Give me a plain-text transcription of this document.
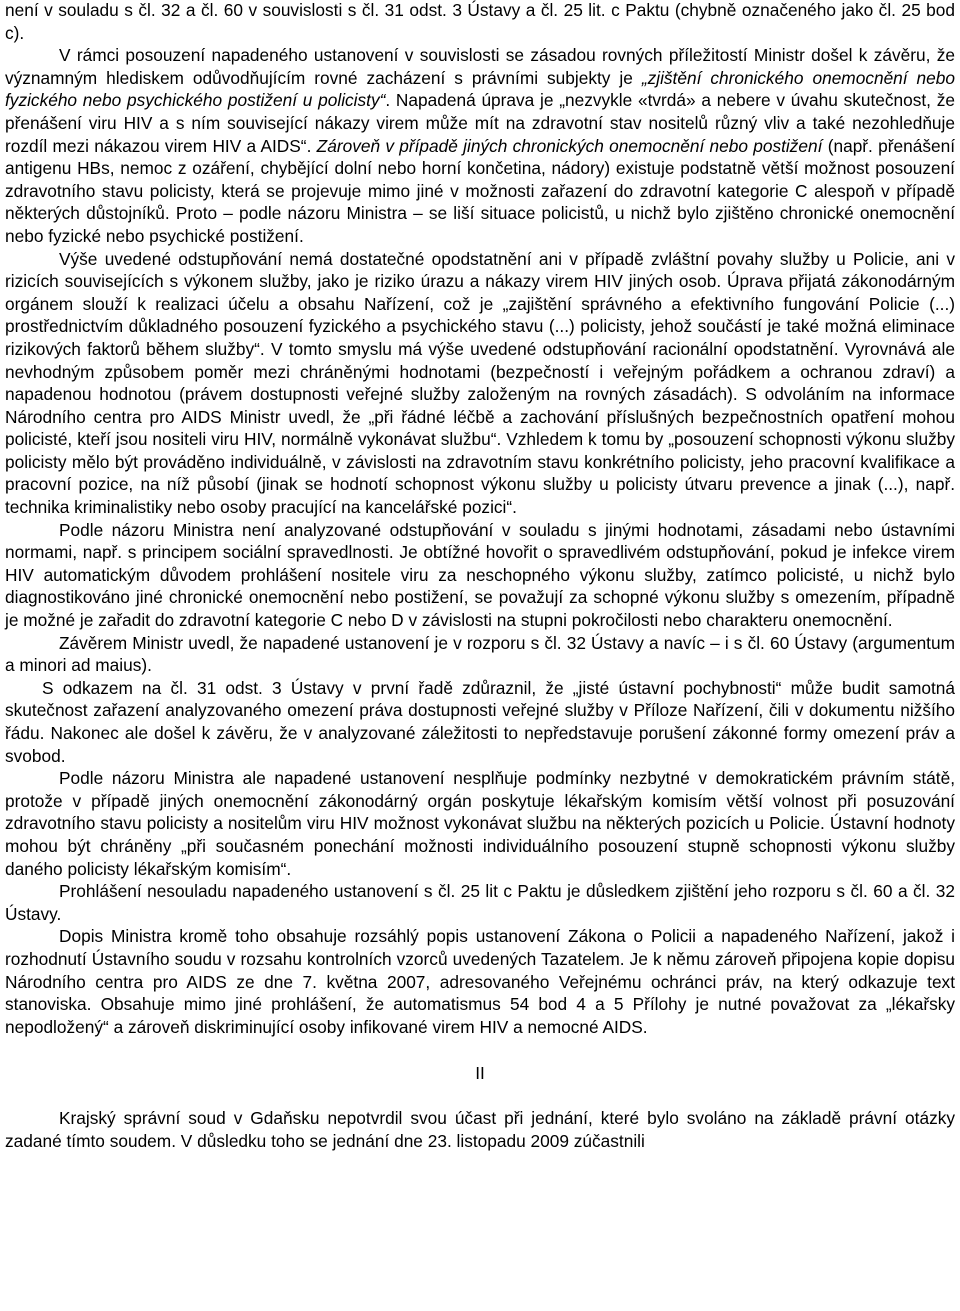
není v souladu s čl. 32 a čl. 60 v souvislosti s čl. 31 odst. 3 Ústavy a čl. 25 lit. c Paktu (chybně označeného jako čl. 25 bod c).

V rámci posouzení napadeného ustanovení v souvislosti se zásadou rovných příležitostí Ministr došel k závěru, že významným hlediskem odůvodňujícím rovné zacházení s právními subjekty je „zjištění chronického onemocnění nebo fyzického nebo psychického postižení u policisty“. Napadená úprava je „nezvykle «tvrdá» a nebere v úvahu skutečnost, že přenášení viru HIV a s ním související nákazy virem může mít na zdravotní stav nositelů různý vliv a také nezohledňuje rozdíl mezi nákazou virem HIV a AIDS“. Zároveň v případě jiných chronických onemocnění nebo postižení (např. přenášení antigenu HBs, nemoc z ozáření, chybějící dolní nebo horní končetina, nádory) existuje podstatně větší možnost posouzení zdravotního stavu policisty, která se projevuje mimo jiné v možnosti zařazení do zdravotní kategorie C alespoň v případě některých důstojníků. Proto – podle názoru Ministra – se liší situace policistů, u nichž bylo zjištěno chronické onemocnění nebo fyzické nebo psychické postižení.

Výše uvedené odstupňování nemá dostatečné opodstatnění ani v případě zvláštní povahy služby u Policie, ani v rizicích souvisejících s výkonem služby, jako je riziko úrazu a nákazy virem HIV jiných osob. Úprava přijatá zákonodárným orgánem slouží k realizaci účelu a obsahu Nařízení, což je „zajištění správného a efektivního fungování Policie (...) prostřednictvím důkladného posouzení fyzického a psychického stavu (...) policisty, jehož součástí je také možná eliminace rizikových faktorů během služby“. V tomto smyslu má výše uvedené odstupňování racionální opodstatnění. Vyrovnává ale nevhodným způsobem poměr mezi chráněnými hodnotami (bezpečností i veřejným pořádkem a ochranou zdraví) a napadenou hodnotou (právem dostupnosti veřejné služby založeným na rovných zásadách). S odvoláním na informace Národního centra pro AIDS Ministr uvedl, že „při řádné léčbě a zachování příslušných bezpečnostních opatření mohou policisté, kteří jsou nositeli viru HIV, normálně vykonávat službu“. Vzhledem k tomu by „posouzení schopnosti výkonu služby policisty mělo být prováděno individuálně, v závislosti na zdravotním stavu konkrétního policisty, jeho pracovní kvalifikace a pracovní pozice, na níž působí (jinak se hodnotí schopnost výkonu služby u policisty útvaru prevence a jinak (...), např. technika kriminalistiky nebo osoby pracující na kancelářské pozici“.

Podle názoru Ministra není analyzované odstupňování v souladu s jinými hodnotami, zásadami nebo ústavními normami, např. s principem sociální spravedlnosti. Je obtížné hovořit o spravedlivém odstupňování, pokud je infekce virem HIV automatickým důvodem prohlášení nositele viru za neschopného výkonu služby, zatímco policisté, u nichž bylo diagnostikováno jiné chronické onemocnění nebo postižení, se považují za schopné výkonu služby s omezením, případně je možné je zařadit do zdravotní kategorie C nebo D v závislosti na stupni pokročilosti nebo charakteru onemocnění.

Závěrem Ministr uvedl, že napadené ustanovení je v rozporu s čl. 32 Ústavy a navíc – i s čl. 60 Ústavy (argumentum a minori ad maius).

S odkazem na čl. 31 odst. 3 Ústavy v první řadě zdůraznil, že „jisté ústavní pochybnosti“ může budit samotná skutečnost zařazení analyzovaného omezení práva dostupnosti veřejné služby v Příloze Nařízení, čili v dokumentu nižšího řádu. Nakonec ale došel k závěru, že v analyzované záležitosti to nepředstavuje porušení zákonné formy omezení práv a svobod.

Podle názoru Ministra ale napadené ustanovení nesplňuje podmínky nezbytné v demokratickém právním státě, protože v případě jiných onemocnění zákonodárný orgán poskytuje lékařským komisím větší volnost při posuzování zdravotního stavu policisty a nositelům viru HIV možnost vykonávat službu na některých pozicích u Policie. Ústavní hodnoty mohou být chráněny „při současném ponechání možnosti individuálního posouzení stupně schopnosti výkonu služby daného policisty lékařským komisím“.

Prohlášení nesouladu napadeného ustanovení s čl. 25 lit c Paktu je důsledkem zjištění jeho rozporu s čl. 60 a čl. 32 Ústavy.

Dopis Ministra kromě toho obsahuje rozsáhlý popis ustanovení Zákona o Policii a napadeného Nařízení, jakož i rozhodnutí Ústavního soudu v rozsahu kontrolních vzorců uvedených Tazatelem. Je k němu zároveň připojena kopie dopisu Národního centra pro AIDS ze dne 7. května 2007, adresovaného Veřejnému ochránci práv, na který odkazuje text stanoviska. Obsahuje mimo jiné prohlášení, že automatismus 54 bod 4 a 5 Přílohy je nutné považovat za „lékařsky nepodložený“ a zároveň diskriminující osoby infikované virem HIV a nemocné AIDS.

II

Krajský správní soud v Gdaňsku nepotvrdil svou účast při jednání, které bylo svoláno na základě právní otázky zadané tímto soudem. V důsledku toho se jednání dne 23. listopadu 2009 zúčastnili
